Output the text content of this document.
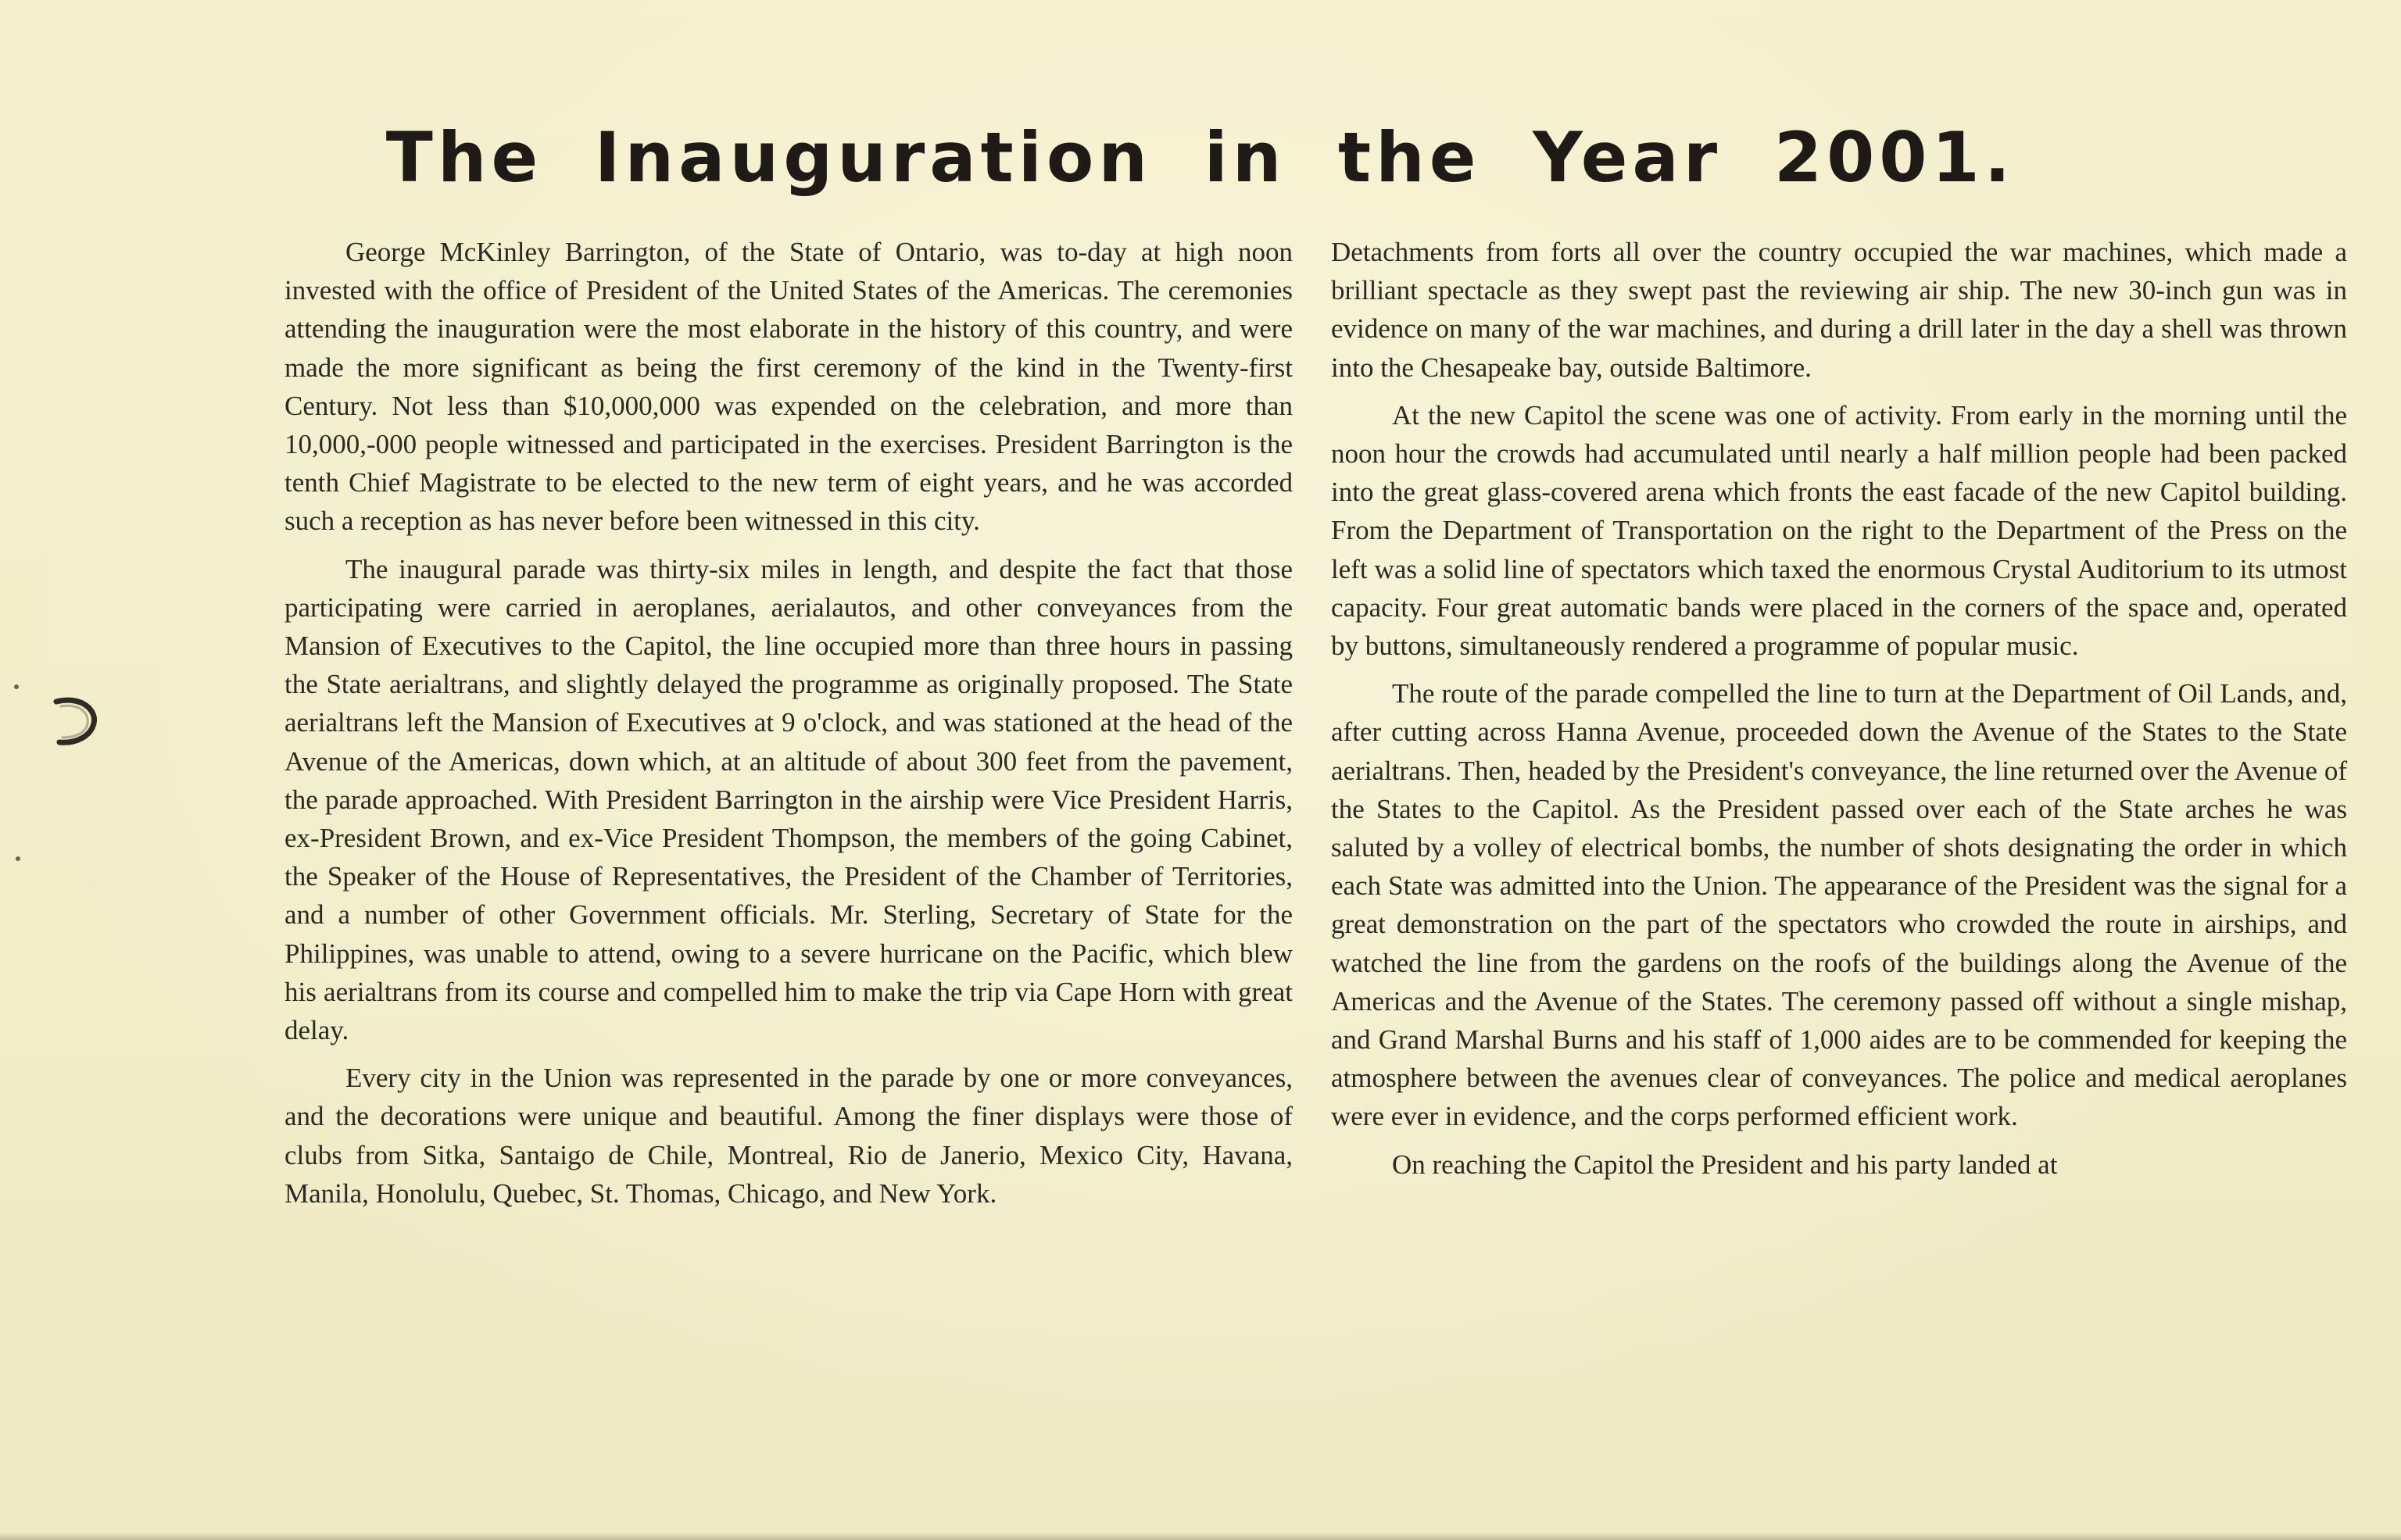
The Inauguration in the Year 2001.

George McKinley Barrington, of the State of Ontario, was to-day at high noon invested with the office of President of the United States of the Americas. The ceremonies attending the inauguration were the most elaborate in the history of this country, and were made the more significant as being the first ceremony of the kind in the Twenty-first Century. Not less than $10,000,000 was expended on the celebration, and more than 10,000,-000 people witnessed and participated in the exercises. President Barrington is the tenth Chief Magistrate to be elected to the new term of eight years, and he was accorded such a reception as has never before been witnessed in this city.

The inaugural parade was thirty-six miles in length, and despite the fact that those participating were carried in aeroplanes, aerialautos, and other conveyances from the Mansion of Executives to the Capitol, the line occupied more than three hours in passing the State aerialtrans, and slightly delayed the programme as originally proposed. The State aerialtrans left the Mansion of Executives at 9 o'clock, and was stationed at the head of the Avenue of the Americas, down which, at an altitude of about 300 feet from the pavement, the parade approached. With President Barrington in the airship were Vice President Harris, ex-President Brown, and ex-Vice President Thompson, the members of the going Cabinet, the Speaker of the House of Representatives, the President of the Chamber of Territories, and a number of other Government officials. Mr. Sterling, Secretary of State for the Philippines, was unable to attend, owing to a severe hurricane on the Pacific, which blew his aerialtrans from its course and compelled him to make the trip via Cape Horn with great delay.

Every city in the Union was represented in the parade by one or more conveyances, and the decorations were unique and beautiful. Among the finer displays were those of clubs from Sitka, Santaigo de Chile, Montreal, Rio de Janerio, Mexico City, Havana, Manila, Honolulu, Quebec, St. Thomas, Chicago, and New York.

Detachments from forts all over the country occupied the war machines, which made a brilliant spectacle as they swept past the reviewing air ship. The new 30-inch gun was in evidence on many of the war machines, and during a drill later in the day a shell was thrown into the Chesapeake bay, outside Baltimore.

At the new Capitol the scene was one of activity. From early in the morning until the noon hour the crowds had accumulated until nearly a half million people had been packed into the great glass-covered arena which fronts the east facade of the new Capitol building. From the Department of Transportation on the right to the Department of the Press on the left was a solid line of spectators which taxed the enormous Crystal Auditorium to its utmost capacity. Four great automatic bands were placed in the corners of the space and, operated by buttons, simultaneously rendered a programme of popular music.

The route of the parade compelled the line to turn at the Department of Oil Lands, and, after cutting across Hanna Avenue, proceeded down the Avenue of the States to the State aerialtrans. Then, headed by the President's conveyance, the line returned over the Avenue of the States to the Capitol. As the President passed over each of the State arches he was saluted by a volley of electrical bombs, the number of shots designating the order in which each State was admitted into the Union. The appearance of the President was the signal for a great demonstration on the part of the spectators who crowded the route in airships, and watched the line from the gardens on the roofs of the buildings along the Avenue of the Americas and the Avenue of the States. The ceremony passed off without a single mishap, and Grand Marshal Burns and his staff of 1,000 aides are to be commended for keeping the atmosphere between the avenues clear of conveyances. The police and medical aeroplanes were ever in evidence, and the corps performed efficient work.

On reaching the Capitol the President and his party landed at
